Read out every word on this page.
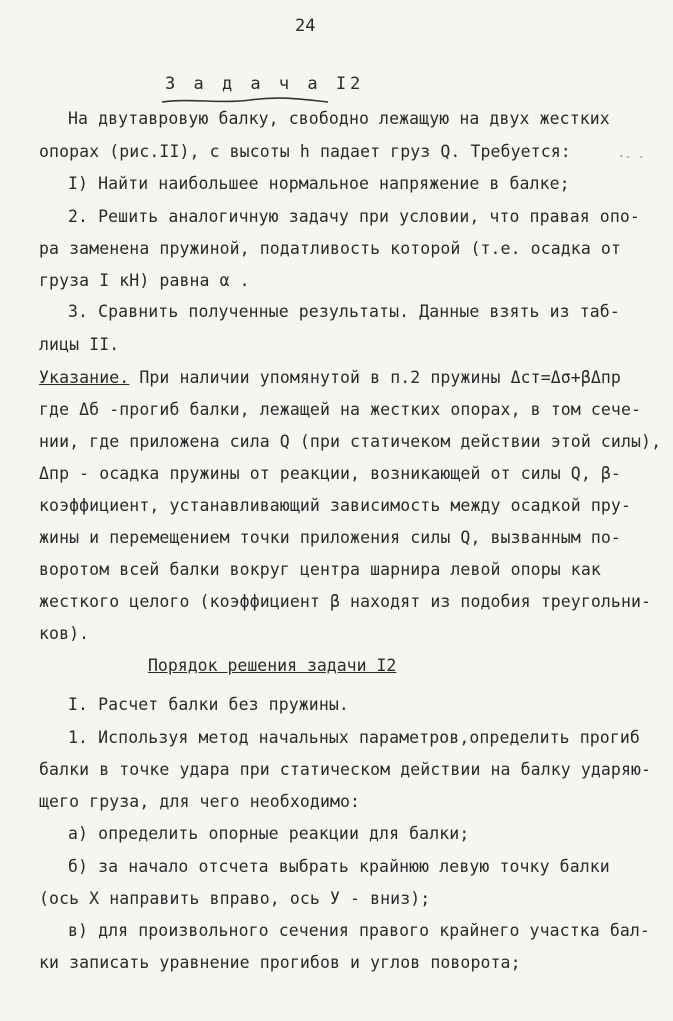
24
З а д а ч а I2
На двутавровую балку, свободно лежащую на двух жестких
опорах (рис.II), с высоты h падает груз Q. Требуется:	·- -
I) Найти наибольшее нормальное напряжение в балке;
2. Решить аналогичную задачу при условии, что правая опо-
ра заменена пружиной, податливость которой (т.е. осадка от
груза I кН) равна α .
3. Сравнить полученные результаты. Данные взять из таб-
лицы II.
Указание. При наличии упомянутой в п.2 пружины Δст=Δσ+βΔпр
где Δб -прогиб балки, лежащей на жестких опорах, в том сече-
нии, где приложена сила Q (при статичеком действии этой силы),
Δпр - осадка пружины от реакции, возникающей от силы Q, β-
коэффициент, устанавливающий зависимость между осадкой пру-
жины и перемещением точки приложения силы Q, вызванным по-
воротом всей балки вокруг центра шарнира левой опоры как
жесткого целого (коэффициент β находят из подобия треугольни-
ков).
Порядок решения задачи I2
I. Расчет балки без пружины.
1. Используя метод начальных параметров,определить прогиб
балки в точке удара при статическом действии на балку ударяю-
щего груза, для чего необходимо:
а) определить опорные реакции для балки;
б) за начало отсчета выбрать крайнюю левую точку балки
(ось X направить вправо, ось У - вниз);
в) для произвольного сечения правого крайнего участка бал-
ки записать уравнение прогибов и углов поворота;
